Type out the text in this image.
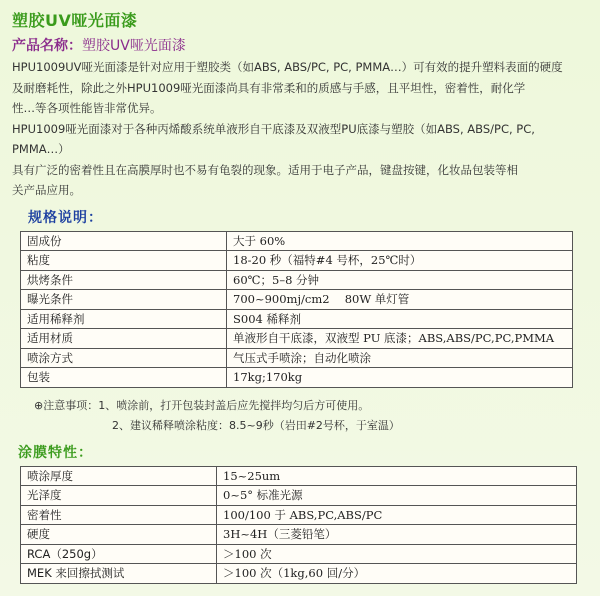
塑胶UV哑光面漆
产品名称：塑胶UV哑光面漆
HPU1009UV哑光面漆是针对应用于塑胶类（如ABS, ABS/PC, PC, PMMA…）可有效的提升塑料表面的硬度
及耐磨耗性，除此之外HPU1009哑光面漆尚具有非常柔和的质感与手感，且平坦性，密着性，耐化学
性…等各项性能皆非常优异。
HPU1009哑光面漆对于各种丙烯酸系统单液形自干底漆及双液型PU底漆与塑胶（如ABS, ABS/PC, PC, PMMA…）
具有广泛的密着性且在高膜厚时也不易有龟裂的现象。适用于电子产品，键盘按键，化妆品包装等相
关产品应用。
规格说明：
固成份	大于 60%
粘度	18-20 秒（福特#4 号杯，25℃时）
烘烤条件	60℃；5–8 分钟
曝光条件	700~900mj/cm2　 80W 单灯管
适用稀释剂	S004 稀释剂
适用材质	单液形自干底漆，双液型 PU 底漆；ABS,ABS/PC,PC,PMMA
喷涂方式	气压式手喷涂；自动化喷涂
包装	17kg;170kg
⊕注意事项：1、喷涂前，打开包装封盖后应先搅拌均匀后方可使用。
2、建议稀释喷涂粘度：8.5~9秒（岩田#2号杯，于室温）
涂膜特性：
喷涂厚度	15~25um
光泽度	0~5° 标准光源
密着性	100/100 于 ABS,PC,ABS/PC
硬度	3H~4H（三菱铅笔）
RCA（250g）	＞100 次
MEK 来回擦拭测试	＞100 次（1kg,60 回/分）
